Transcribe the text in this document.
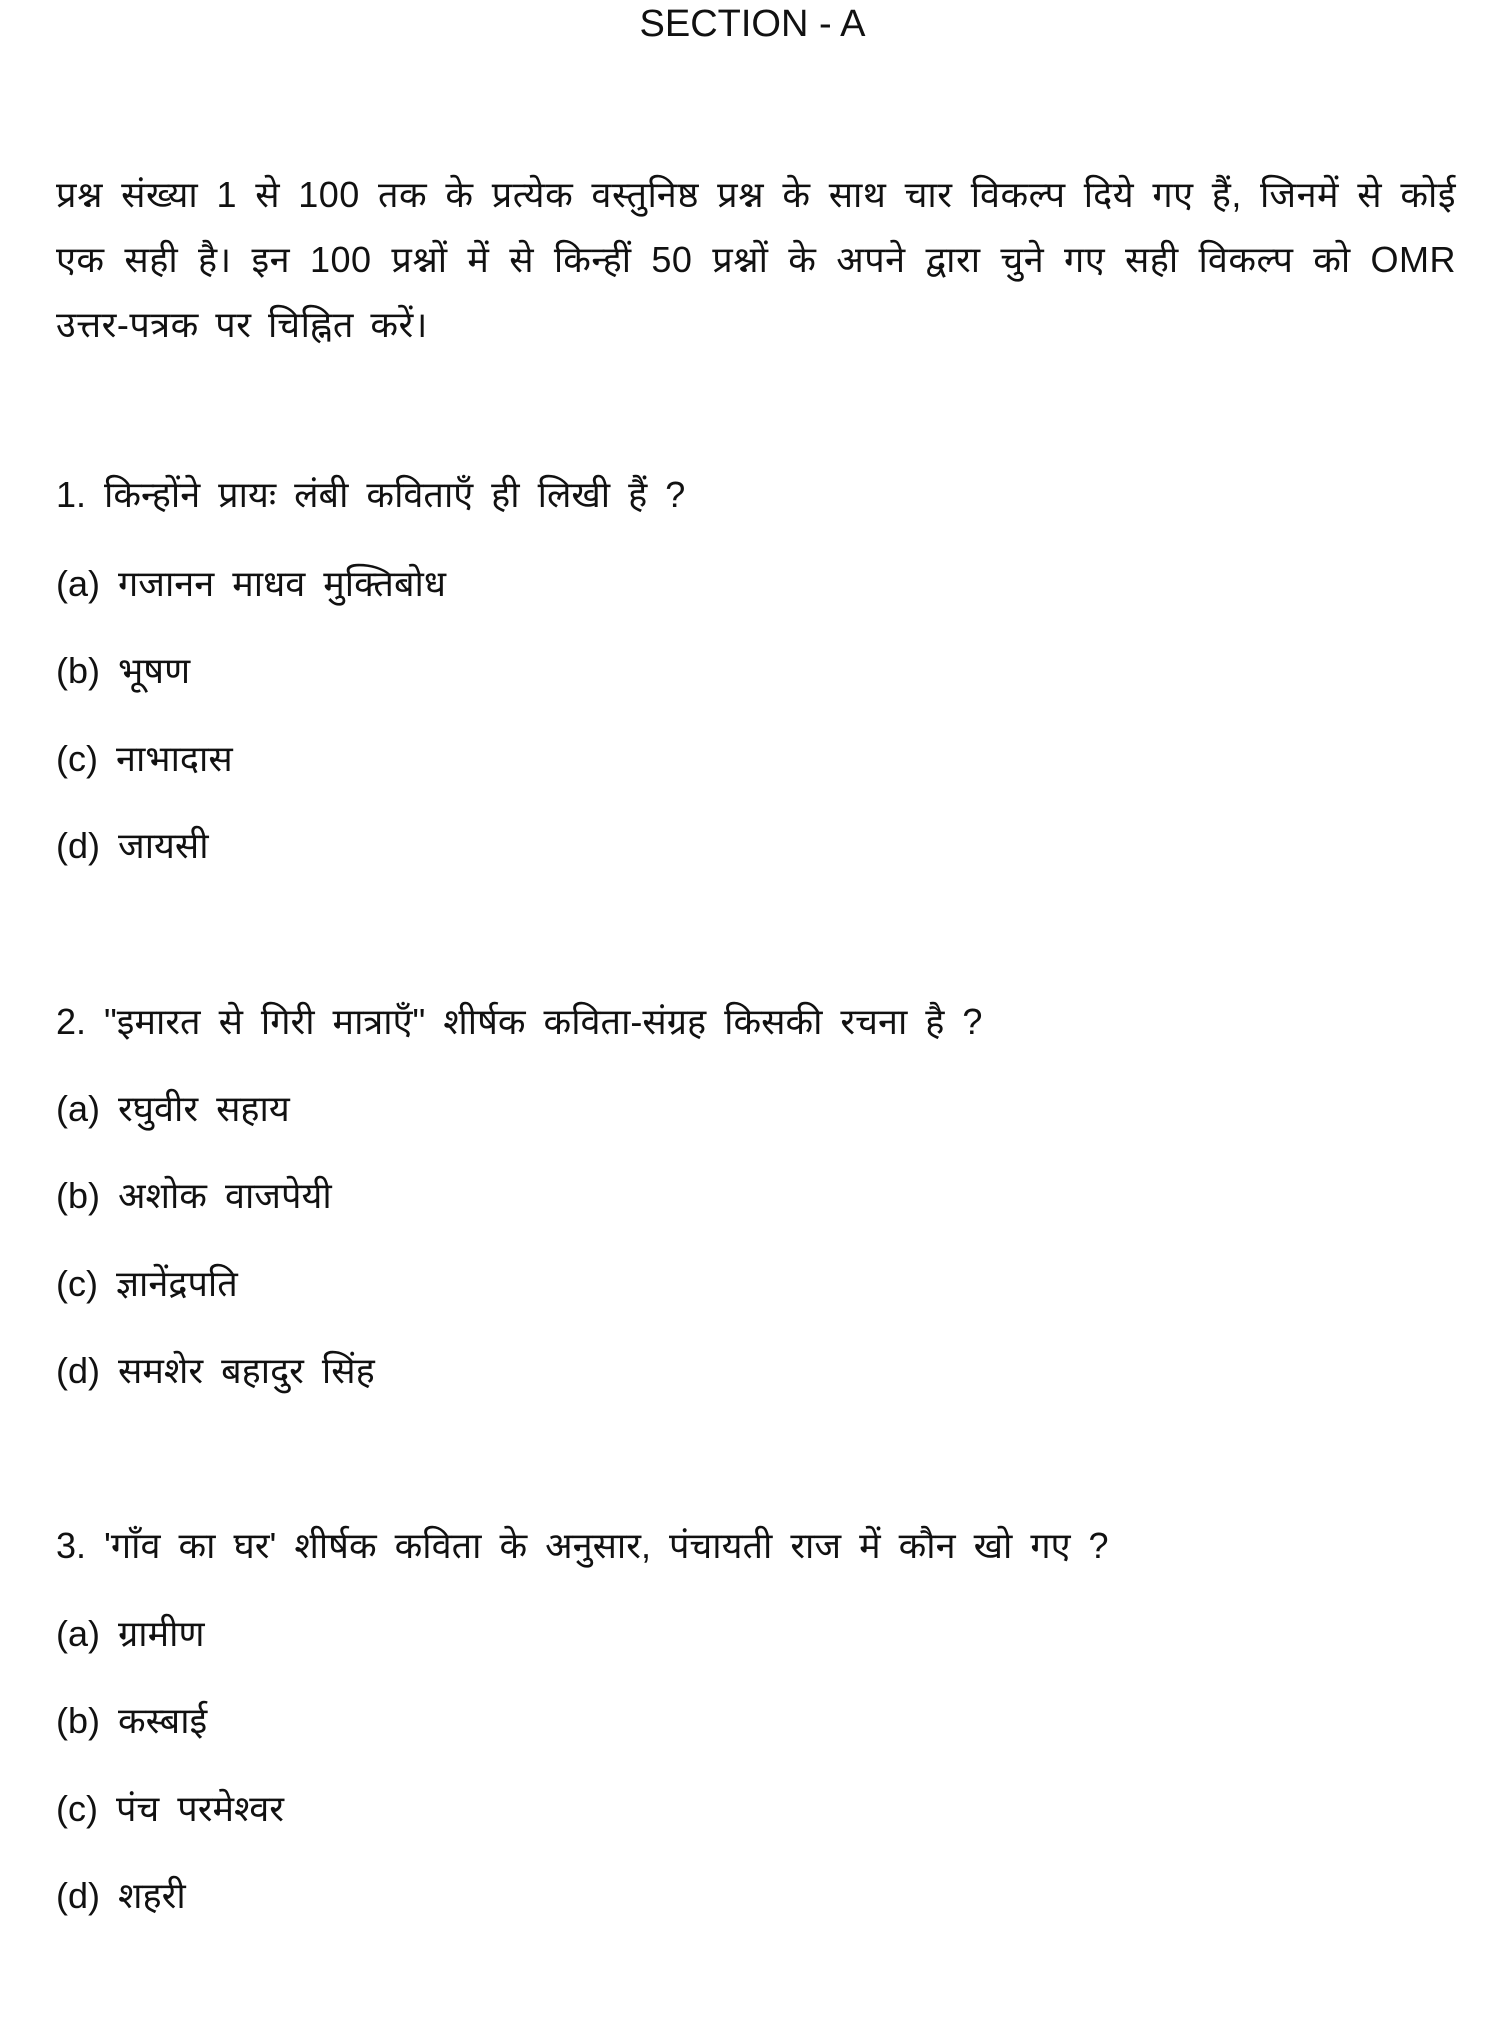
SECTION - A
प्रश्न संख्या 1 से 100 तक के प्रत्येक वस्तुनिष्ठ प्रश्न के साथ चार विकल्प दिये गए हैं, जिनमें से कोई एक सही है। इन 100 प्रश्नों में से किन्हीं 50 प्रश्नों के अपने द्वारा चुने गए सही विकल्प को OMR उत्तर-पत्रक पर चिह्नित करें।
1. किन्होंने प्रायः लंबी कविताएँ ही लिखी हैं ?
(a) गजानन माधव मुक्तिबोध
(b) भूषण
(c) नाभादास
(d) जायसी
2. "इमारत से गिरी मात्राएँ" शीर्षक कविता-संग्रह किसकी रचना है ?
(a) रघुवीर सहाय
(b) अशोक वाजपेयी
(c) ज्ञानेंद्रपति
(d) समशेर बहादुर सिंह
3. 'गाँव का घर' शीर्षक कविता के अनुसार, पंचायती राज में कौन खो गए ?
(a) ग्रामीण
(b) कस्बाई
(c) पंच परमेश्वर
(d) शहरी
